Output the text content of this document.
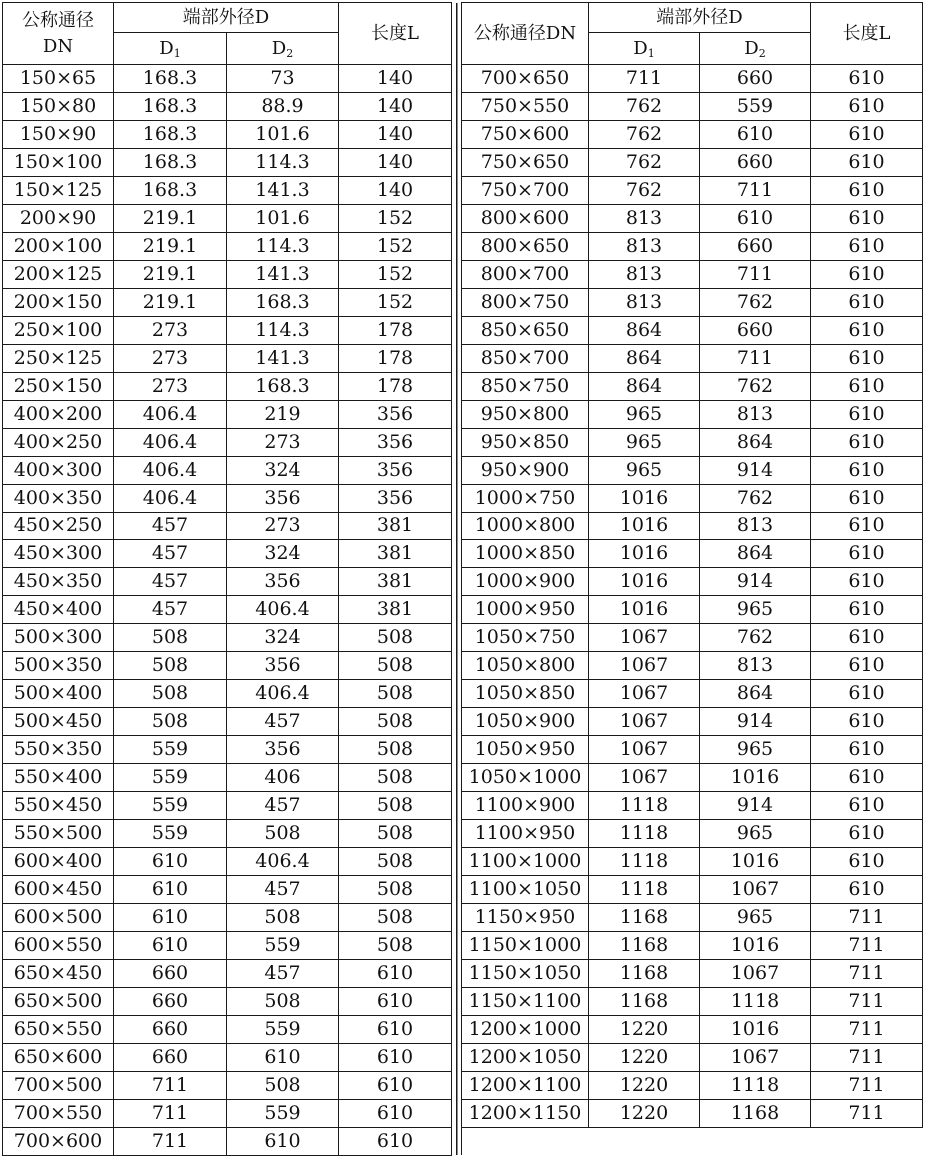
公称通径
DN	端部外径D		长度L		公称通径DN	端部外径D		长度L
	$D_1$	$D_2$				$D_1$	$D_2$
150×65	168.3	73	140		700×650	711	660	610
150×80	168.3	88.9	140		750×550	762	559	610
150×90	168.3	101.6	140		750×600	762	610	610
150×100	168.3	114.3	140		750×650	762	660	610
150×125	168.3	141.3	140		750×700	762	711	610
200×90	219.1	101.6	152		800×600	813	610	610
200×100	219.1	114.3	152		800×650	813	660	610
200×125	219.1	141.3	152		800×700	813	711	610
200×150	219.1	168.3	152		800×750	813	762	610
250×100	273	114.3	178		850×650	864	660	610
250×125	273	141.3	178		850×700	864	711	610
250×150	273	168.3	178		850×750	864	762	610
400×200	406.4	219	356		950×800	965	813	610
400×250	406.4	273	356		950×850	965	864	610
400×300	406.4	324	356		950×900	965	914	610
400×350	406.4	356	356		1000×750	1016	762	610
450×250	457	273	381		1000×800	1016	813	610
450×300	457	324	381		1000×850	1016	864	610
450×350	457	356	381		1000×900	1016	914	610
450×400	457	406.4	381		1000×950	1016	965	610
500×300	508	324	508		1050×750	1067	762	610
500×350	508	356	508		1050×800	1067	813	610
500×400	508	406.4	508		1050×850	1067	864	610
500×450	508	457	508		1050×900	1067	914	610
550×350	559	356	508		1050×950	1067	965	610
550×400	559	406	508		1050×1000	1067	1016	610
550×450	559	457	508		1100×900	1118	914	610
550×500	559	508	508		1100×950	1118	965	610
600×400	610	406.4	508		1100×1000	1118	1016	610
600×450	610	457	508		1100×1050	1118	1067	610
600×500	610	508	508		1150×950	1168	965	711
600×550	610	559	508		1150×1000	1168	1016	711
650×450	660	457	610		1150×1050	1168	1067	711
650×500	660	508	610		1150×1100	1168	1118	711
650×550	660	559	610		1200×1000	1220	1016	711
650×600	660	610	610		1200×1050	1220	1067	711
700×500	711	508	610		1200×1100	1220	1118	711
700×550	711	559	610		1200×1150	1220	1168	711
700×600	711	610	610					
